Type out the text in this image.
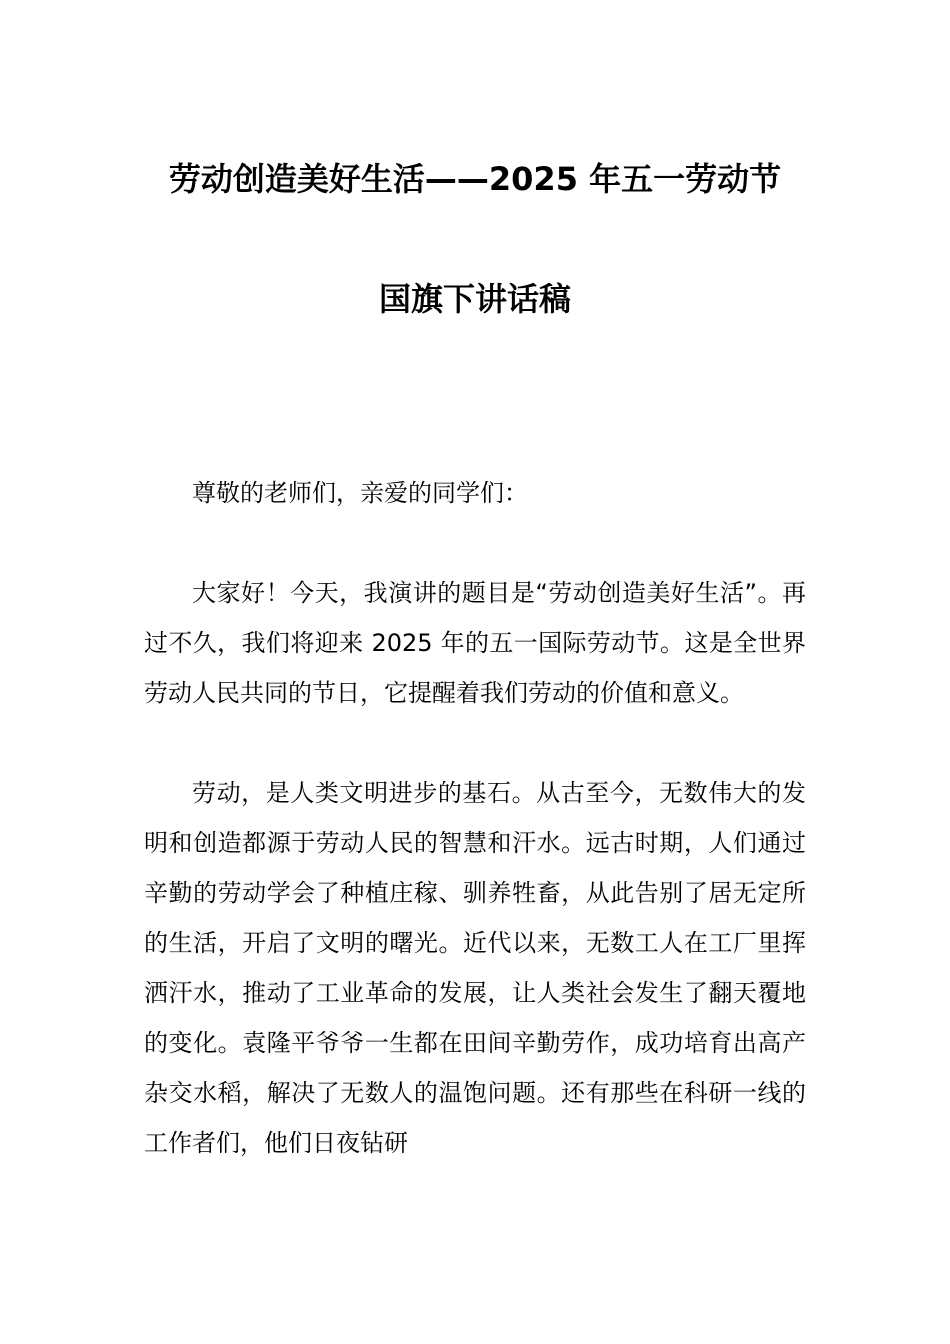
劳动创造美好生活——2025 年五一劳动节
国旗下讲话稿

尊敬的老师们，亲爱的同学们：

大家好！今天，我演讲的题目是“劳动创造美好生活”。再过不久，我们将迎来 2025 年的五一国际劳动节。这是全世界劳动人民共同的节日，它提醒着我们劳动的价值和意义。

劳动，是人类文明进步的基石。从古至今，无数伟大的发明和创造都源于劳动人民的智慧和汗水。远古时期，人们通过辛勤的劳动学会了种植庄稼、驯养牲畜，从此告别了居无定所的生活，开启了文明的曙光。近代以来，无数工人在工厂里挥洒汗水，推动了工业革命的发展，让人类社会发生了翻天覆地的变化。袁隆平爷爷一生都在田间辛勤劳作，成功培育出高产杂交水稻，解决了无数人的温饱问题。还有那些在科研一线的工作者们，他们日夜钻研
